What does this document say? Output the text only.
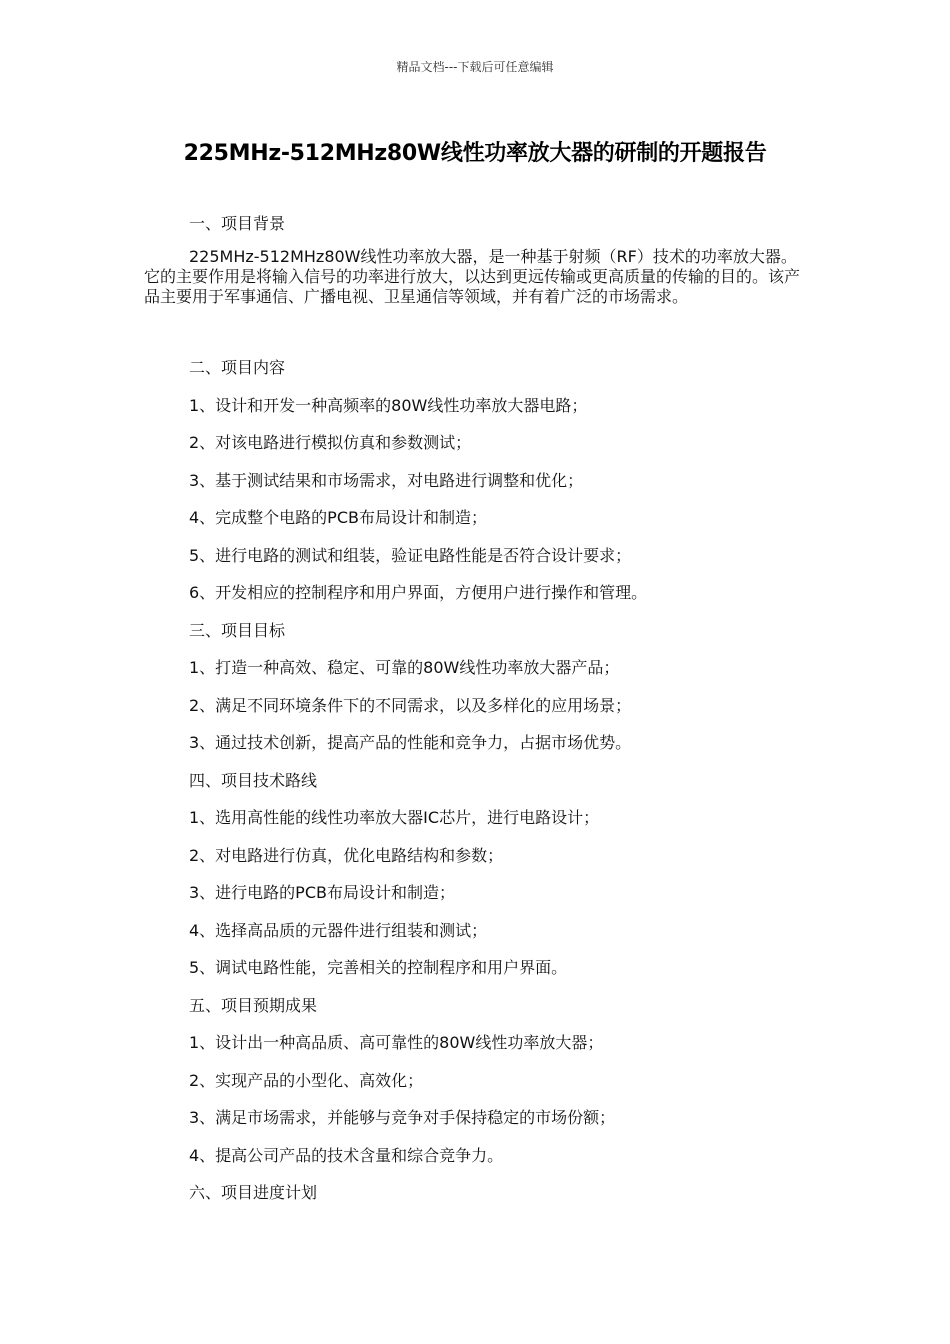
精品文档---下载后可任意编辑
225MHz-512MHz80W线性功率放大器的研制的开题报告
一、项目背景
225MHz-512MHz80W线性功率放大器，是一种基于射频（RF）技术的功率放大器。它的主要作用是将输入信号的功率进行放大，以达到更远传输或更高质量的传输的目的。该产品主要用于军事通信、广播电视、卫星通信等领域，并有着广泛的市场需求。
二、项目内容
1、设计和开发一种高频率的80W线性功率放大器电路；
2、对该电路进行模拟仿真和参数测试；
3、基于测试结果和市场需求，对电路进行调整和优化；
4、完成整个电路的PCB布局设计和制造；
5、进行电路的测试和组装，验证电路性能是否符合设计要求；
6、开发相应的控制程序和用户界面，方便用户进行操作和管理。
三、项目目标
1、打造一种高效、稳定、可靠的80W线性功率放大器产品；
2、满足不同环境条件下的不同需求，以及多样化的应用场景；
3、通过技术创新，提高产品的性能和竞争力，占据市场优势。
四、项目技术路线
1、选用高性能的线性功率放大器IC芯片，进行电路设计；
2、对电路进行仿真，优化电路结构和参数；
3、进行电路的PCB布局设计和制造；
4、选择高品质的元器件进行组装和测试；
5、调试电路性能，完善相关的控制程序和用户界面。
五、项目预期成果
1、设计出一种高品质、高可靠性的80W线性功率放大器；
2、实现产品的小型化、高效化；
3、满足市场需求，并能够与竞争对手保持稳定的市场份额；
4、提高公司产品的技术含量和综合竞争力。
六、项目进度计划
